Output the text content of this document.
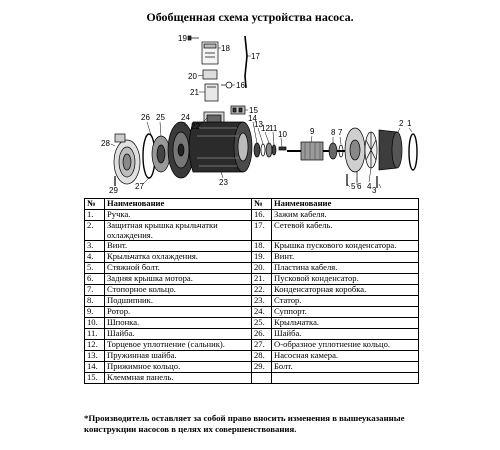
Обобщенная схема устройства насоса.
1
2
3
4
5 6
7
8
9
10
11
12
13
14
15
16
17
18
19
20
21
22
23
24
25
26
27
28
29
№	Наименование	№	Наименование
1.	Ручка.	16.	Зажим кабеля.
2.	Защитная крышка крыльчатки охлаждения.	17.	Сетевой кабель.
3.	Винт.	18.	Крышка пускового конденсатора.
4.	Крыльчатка охлаждения.	19.	Винт.
5.	Стяжной болт.	20.	Пластина кабеля.
6.	Задняя крышка мотора.	21.	Пусковой конденсатор.
7.	Стопорное кольцо.	22.	Конденсаторная коробка.
8.	Подшипник.	23.	Статор.
9.	Ротор.	24.	Суппорт.
10.	Шпонка.	25.	Крыльчатка.
11.	Шайба.	26.	Шайба.
12.	Торцевое уплотнение (сальник).	27.	О-образное уплотнение кольцо.
13.	Пружинная шайба.	28.	Насосная камера.
14.	Прижимное кольцо.	29.	Болт.
15.	Клеммная панель.		
*Производитель оставляет за собой право вносить изменения в вышеуказанные конструкции насосов в целях их совершенствования.
